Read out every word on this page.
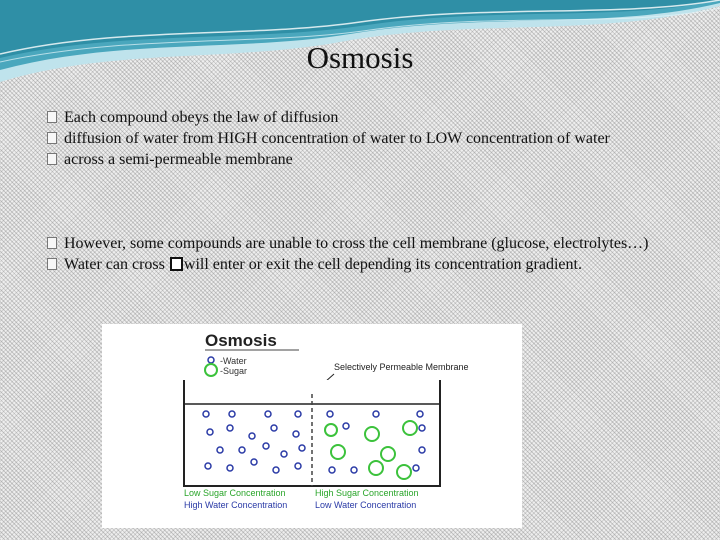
Osmosis
Each compound obeys the law of diffusion
diffusion of water from HIGH concentration of water to LOW concentration of water
across a semi-permeable membrane
However, some compounds are unable to cross the cell membrane (glucose, electrolytes…)
Water can cross will enter or exit the cell depending its concentration gradient.
Osmosis
-Water
-Sugar	Selectively Permeable Membrane
Low Sugar Concentration
High Water Concentration
High Sugar Concentration
Low Water Concentration
